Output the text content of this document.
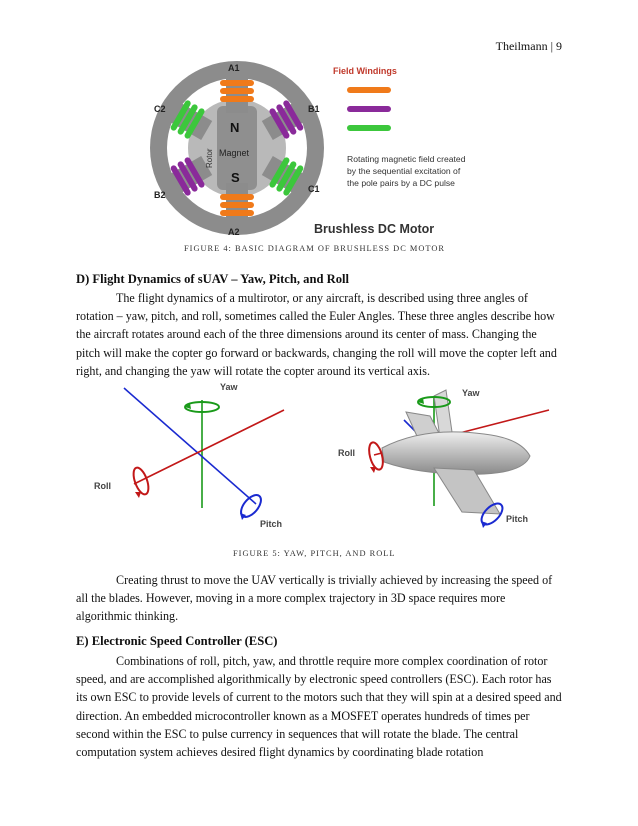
Theilmann | 9
A1
A2
B1
B2
C1
C2
N
S
Magnet
Rotor
Field Windings
Rotating magnetic field created
by the sequential excitation of
the pole pairs by a DC pulse
Brushless DC Motor
FIGURE 4: BASIC DIAGRAM OF BRUSHLESS DC MOTOR
D) Flight Dynamics of sUAV – Yaw, Pitch, and Roll

The flight dynamics of a multirotor, or any aircraft, is described using three angles of rotation – yaw, pitch, and roll, sometimes called the Euler Angles. These three angles describe how the aircraft rotates around each of the three dimensions around its center of mass. Changing the pitch will make the copter go forward or backwards, changing the roll will move the copter left and right, and changing the yaw will rotate the copter around its vertical axis.

Yaw
Pitch
Roll
Yaw
Roll
Pitch
FIGURE 5: YAW, PITCH, AND ROLL

Creating thrust to move the UAV vertically is trivially achieved by increasing the speed of all the blades. However, moving in a more complex trajectory in 3D space requires more algorithmic thinking.

E) Electronic Speed Controller (ESC)

Combinations of roll, pitch, yaw, and throttle require more complex coordination of rotor speed, and are accomplished algorithmically by electronic speed controllers (ESC). Each rotor has its own ESC to provide levels of current to the motors such that they will spin at a desired speed and direction. An embedded microcontroller known as a MOSFET operates hundreds of times per second within the ESC to pulse currency in sequences that will rotate the blade. The central computation system achieves desired flight dynamics by coordinating blade rotation
